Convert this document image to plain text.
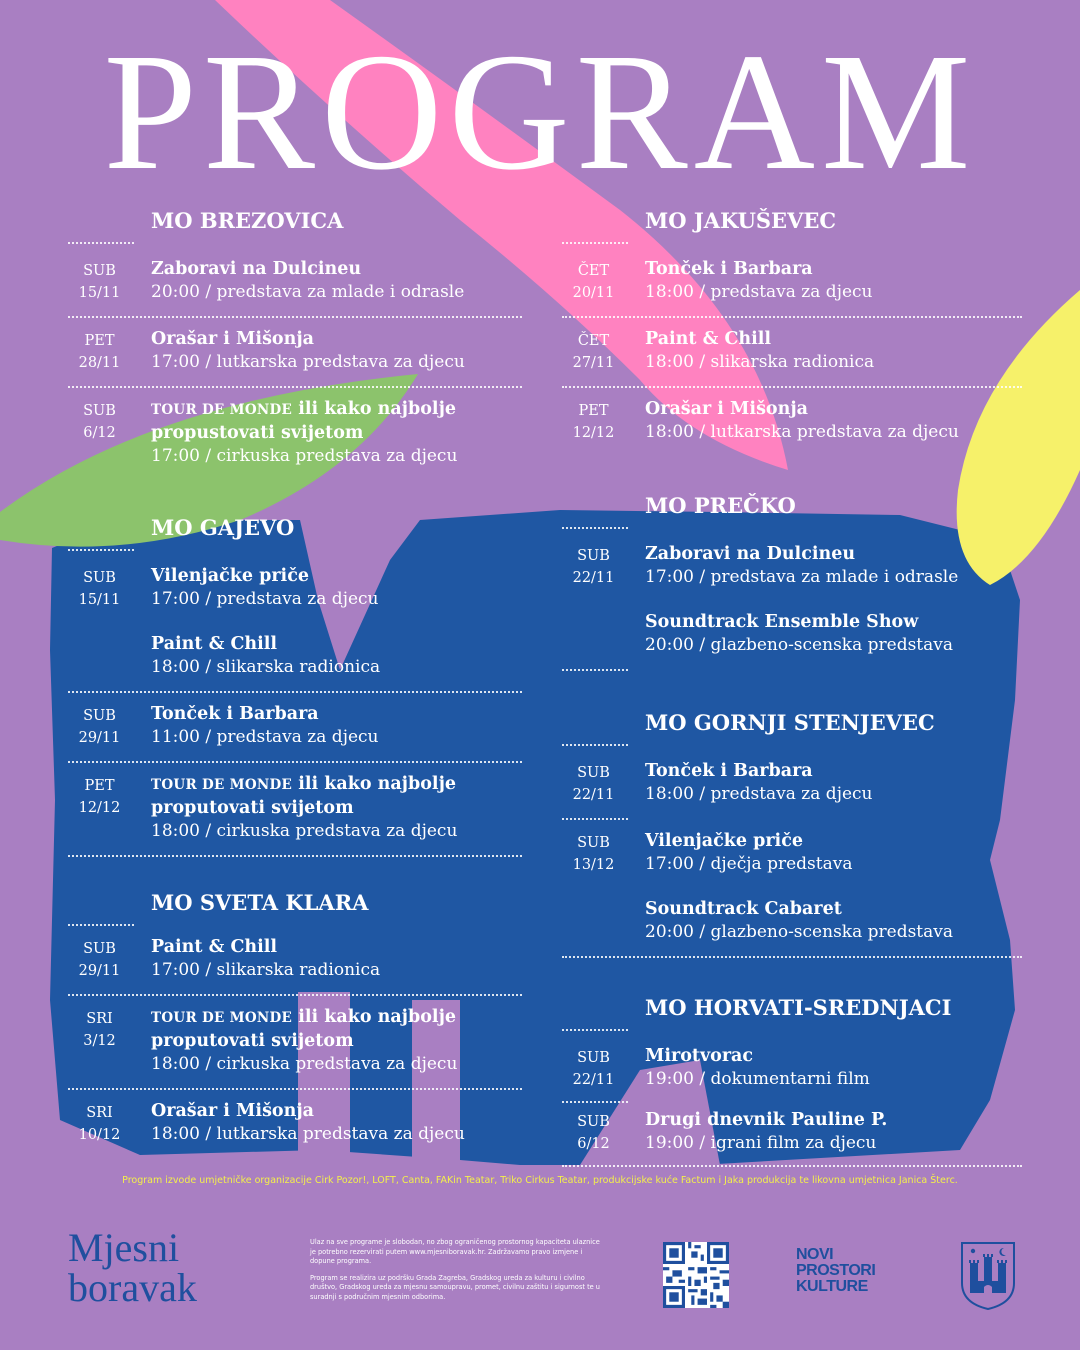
PROGRAM
MO BREZOVICA
SUB
15/11
Zaboravi na Dulcineu
20:00 / predstava za mlade i odrasle
PET
28/11
Orašar i Mišonja
17:00 / lutkarska predstava za djecu
SUB
6/12
TOUR DE MONDE ili kako najbolje propustovati svijetom
17:00 / cirkuska predstava za djecu
MO GAJEVO
SUB
15/11
Vilenjačke priče
17:00 / predstava za djecu
Paint & Chill
18:00 / slikarska radionica
SUB
29/11
Tonček i Barbara
11:00 / predstava za djecu
PET
12/12
TOUR DE MONDE ili kako najbolje proputovati svijetom
18:00 / cirkuska predstava za djecu
MO SVETA KLARA
SUB
29/11
Paint & Chill
17:00 / slikarska radionica
SRI
3/12
TOUR DE MONDE ili kako najbolje proputovati svijetom
18:00 / cirkuska predstava za djecu
SRI
10/12
Orašar i Mišonja
18:00 / lutkarska predstava za djecu
MO JAKUŠEVEC
ČET
20/11
Tonček i Barbara
18:00 / predstava za djecu
ČET
27/11
Paint & Chill
18:00 / slikarska radionica
PET
12/12
Orašar i Mišonja
18:00 / lutkarska predstava za djecu
MO PREČKO
SUB
22/11
Zaboravi na Dulcineu
17:00 / predstava za mlade i odrasle
Soundtrack Ensemble Show
20:00 / glazbeno-scenska predstava
MO GORNJI STENJEVEC
SUB
22/11
Tonček i Barbara
18:00 / predstava za djecu
SUB
13/12
Vilenjačke priče
17:00 / dječja predstava
Soundtrack Cabaret
20:00 / glazbeno-scenska predstava
MO HORVATI-SREDNJACI
SUB
22/11
Mirotvorac
19:00 / dokumentarni film
SUB
6/12
Drugi dnevnik Pauline P.
19:00 / igrani film za djecu
Program izvode umjetničke organizacije Cirk Pozor!, LOFT, Canta, FAKin Teatar, Triko Cirkus Teatar, produkcijske kuće Factum i Jaka produkcija te likovna umjetnica Janica Šterc.
Mjesni
boravak

Ulaz na sve programe je slobodan, no zbog ograničenog prostornog kapaciteta ulaznice je potrebno rezervirati putem www.mjesniboravak.hr. Zadržavamo pravo izmjene i dopune programa.

Program se realizira uz podršku Grada Zagreba, Gradskog ureda za kulturu i civilno društvo, Gradskog ureda za mjesnu samoupravu, promet, civilnu zaštitu i sigurnost te u suradnji s područnim mjesnim odborima.

NOVI
PROSTORI
KULTURE
